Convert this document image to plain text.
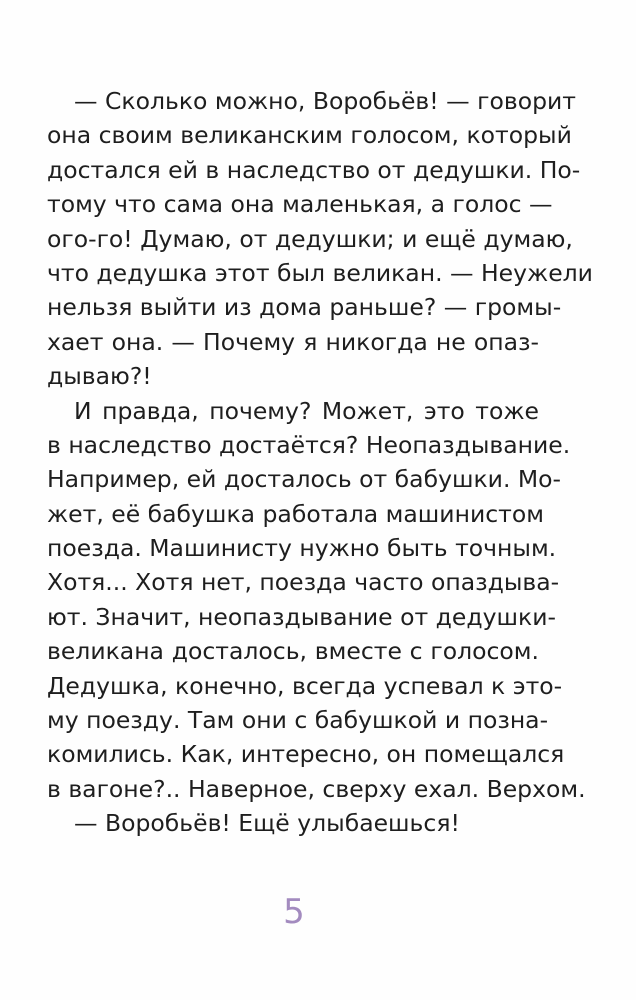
— Сколько можно, Воробьёв! — говорит
она своим великанским голосом, который
достался ей в наследство от дедушки. По-
тому что сама она маленькая, а голос —
ого-го! Думаю, от дедушки; и ещё думаю,
что дедушка этот был великан. — Неужели
нельзя выйти из дома раньше? — громы-
хает она. — Почему я никогда не опаз-
дываю?!
И правда, почему? Может, это тоже
в наследство достаётся? Неопаздывание.
Например, ей досталось от бабушки. Мо-
жет, её бабушка работала машинистом
поезда. Машинисту нужно быть точным.
Хотя... Хотя нет, поезда часто опаздыва-
ют. Значит, неопаздывание от дедушки-
великана досталось, вместе с голосом.
Дедушка, конечно, всегда успевал к это-
му поезду. Там они с бабушкой и позна-
комились. Как, интересно, он помещался
в вагоне?.. Наверное, сверху ехал. Верхом.
— Воробьёв! Ещё улыбаешься!
5
